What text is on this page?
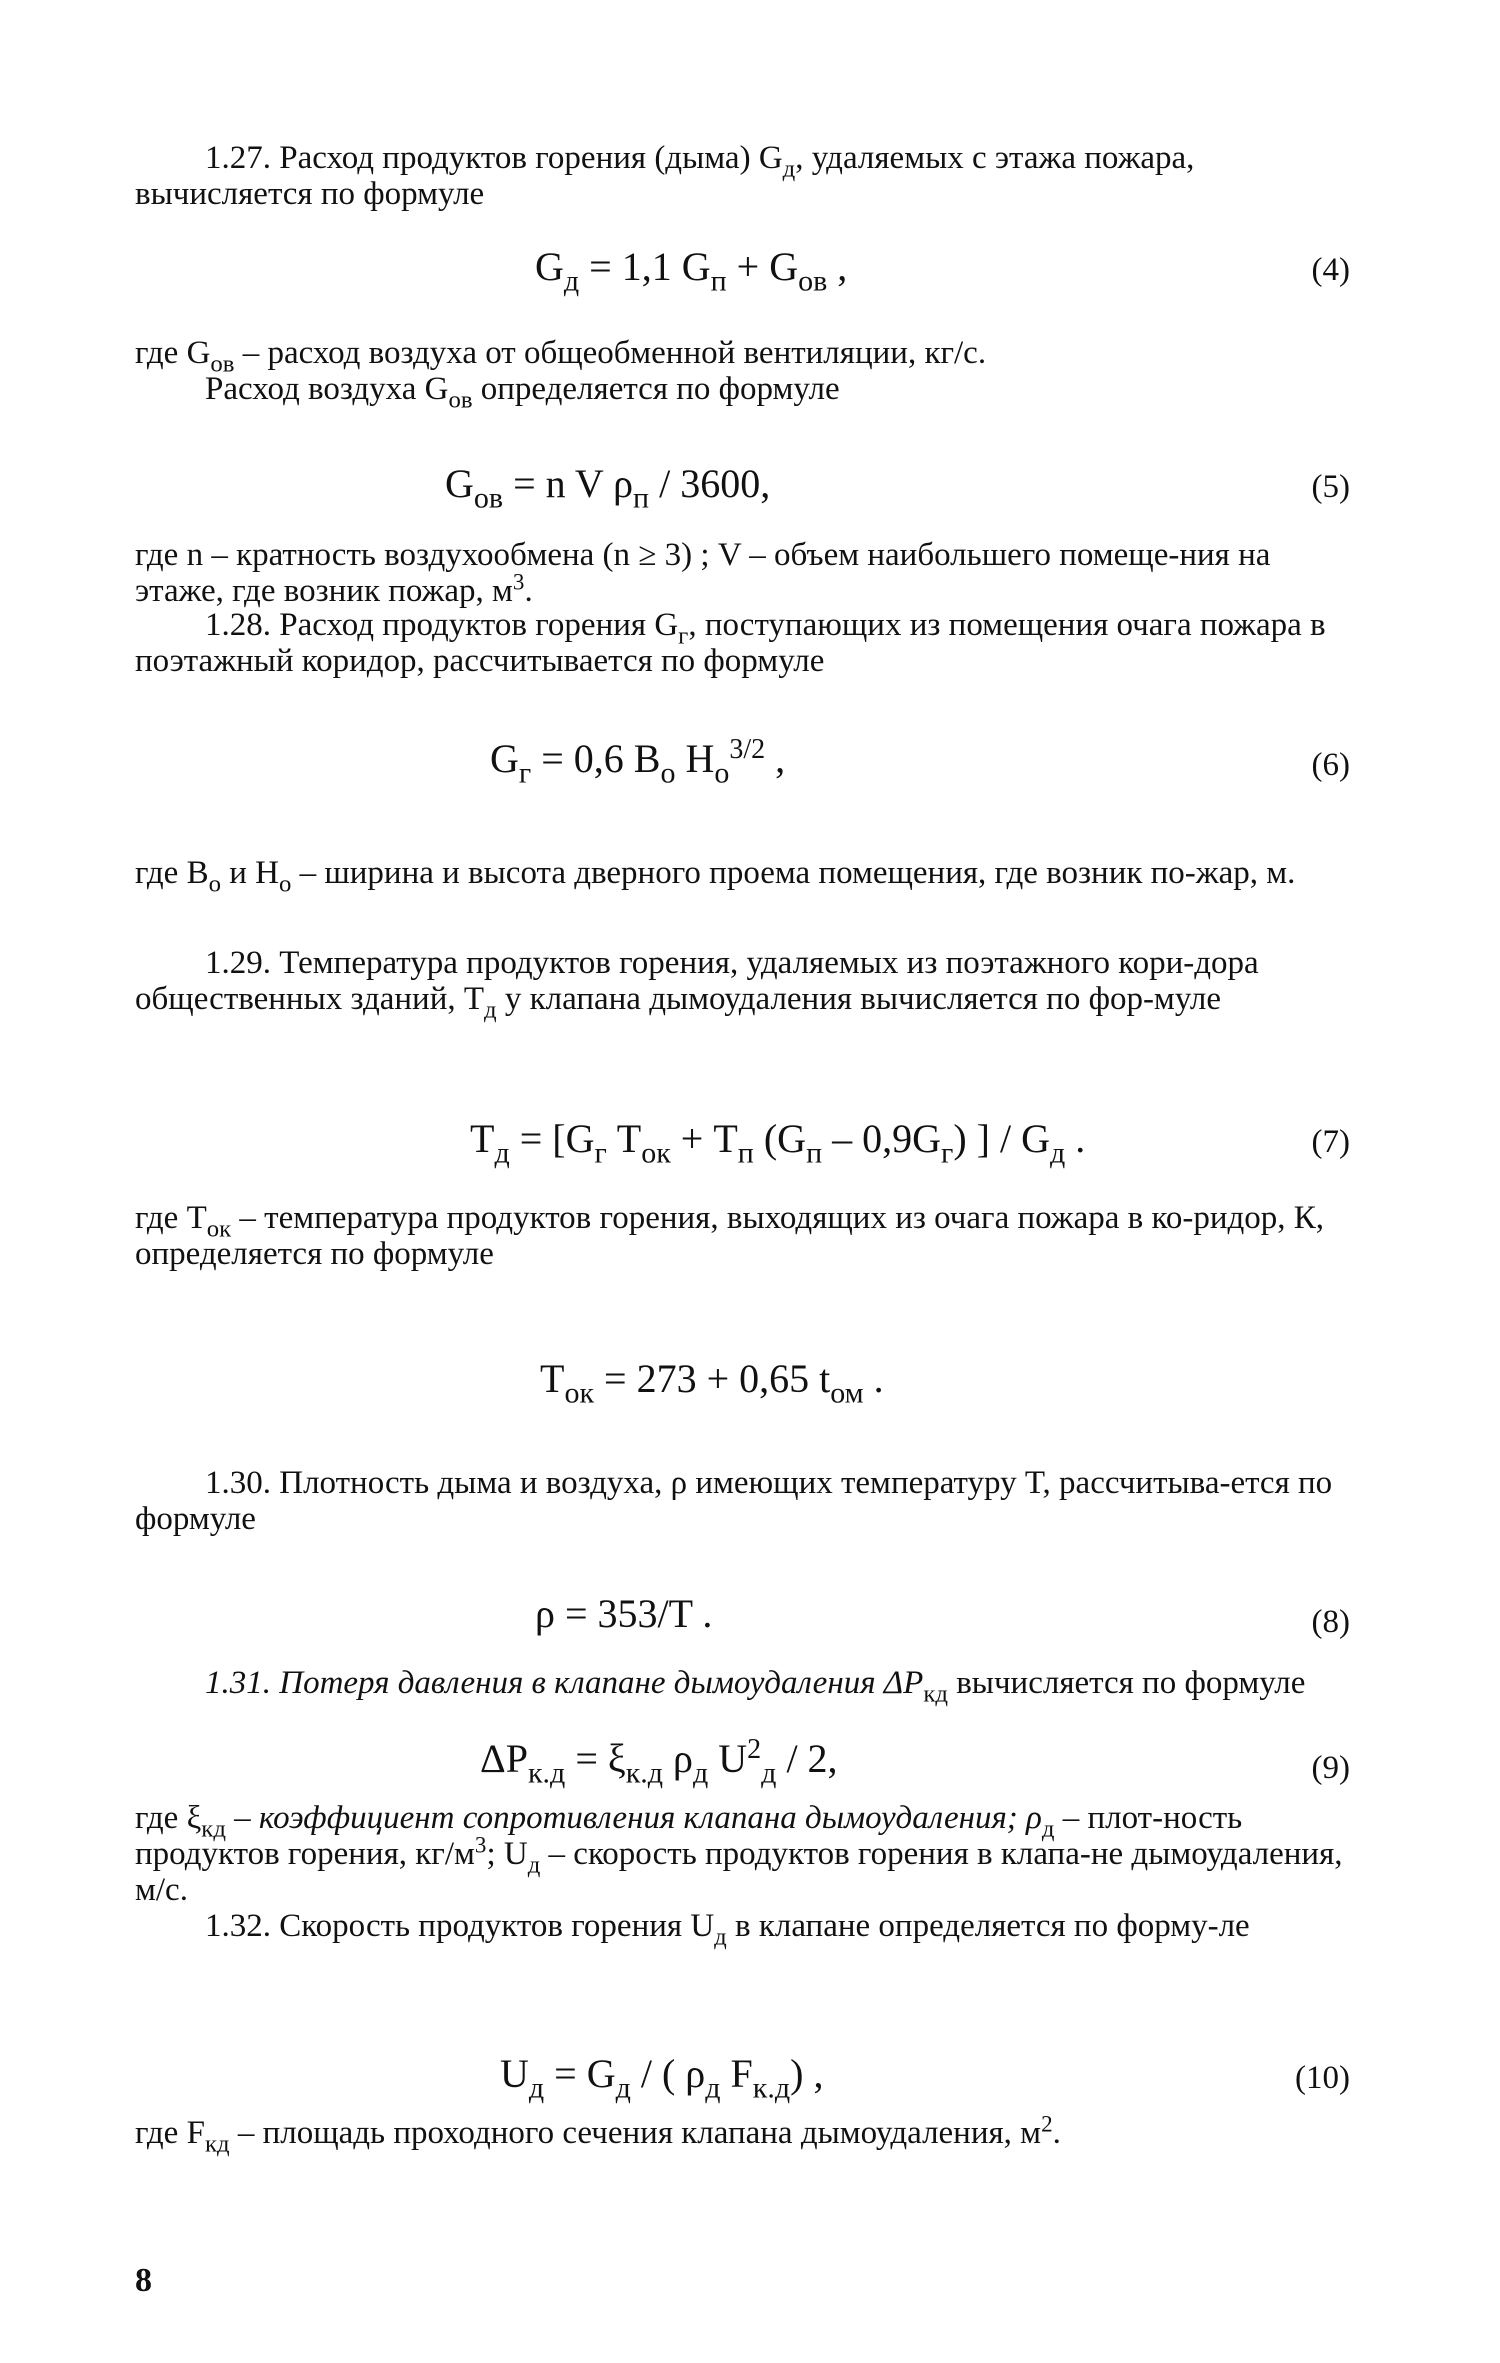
1.27. Расход продуктов горения (дыма) $G_д$, удаляемых с этажа пожара, вычисляется по формуле

$G_д = 1,1$ $G_п + G_{ов}$ ,	(4)

где $G_{ов}$ – расход воздуха от общеобменной вентиляции, кг/с.

Расход воздуха $G_{ов}$ определяется по формуле

$G_{ов} = n$ V $\rho_п / 3600$,	(5)

где n – кратность воздухообмена (n ≥ 3) ; V – объем наибольшего помеще-ния на этаже, где возник пожар, $м^3$.

1.28. Расход продуктов горения $G_г$, поступающих из помещения очага пожара в поэтажный коридор, рассчитывается по формуле

$G_г = 0,6$ $B_o$ $H_o^{3/2}$ ,	(6)

где $B_o$ и $H_o$ – ширина и высота дверного проема помещения, где возник по-жар, м.

1.29. Температура продуктов горения, удаляемых из поэтажного кори-дора общественных зданий, $T_д$ у клапана дымоудаления вычисляется по фор-муле

$T_д = [G_г$ $T_{ок} + T_п$ $(G_п - 0,9G_г)$ ] / $G_д$ .	(7)

где $T_{ок}$ – температура продуктов горения, выходящих из очага пожара в ко-ридор, К, определяется по формуле

$T_{ок} = 273 + 0,65$ $t_{ом}$ .

1.30. Плотность дыма и воздуха, ρ имеющих температуру T, рассчитыва-ется по формуле

ρ = 353/T .	(8)

1.31. Потеря давления в клапане дымоудаления $\Delta P_{кд}$ вычисляется по формуле

$\Delta P_{к.д} = \xi_{к.д}$ $\rho_д$ $U^2_д / 2$,	(9)

где $\xi_{кд}$ – коэффициент сопротивления клапана дымоудаления; $\rho_д$ – плот-ность продуктов горения, $кг/м^3$; $U_д$ – скорость продуктов горения в клапа-не дымоудаления, м/с.

1.32. Скорость продуктов горения $U_д$ в клапане определяется по форму-ле

$U_д = G_д$ / ( $\rho_д$ $F_{к.д}$) ,	(10)

где $F_{кд}$ – площадь проходного сечения клапана дымоудаления, $м^2$.

8
